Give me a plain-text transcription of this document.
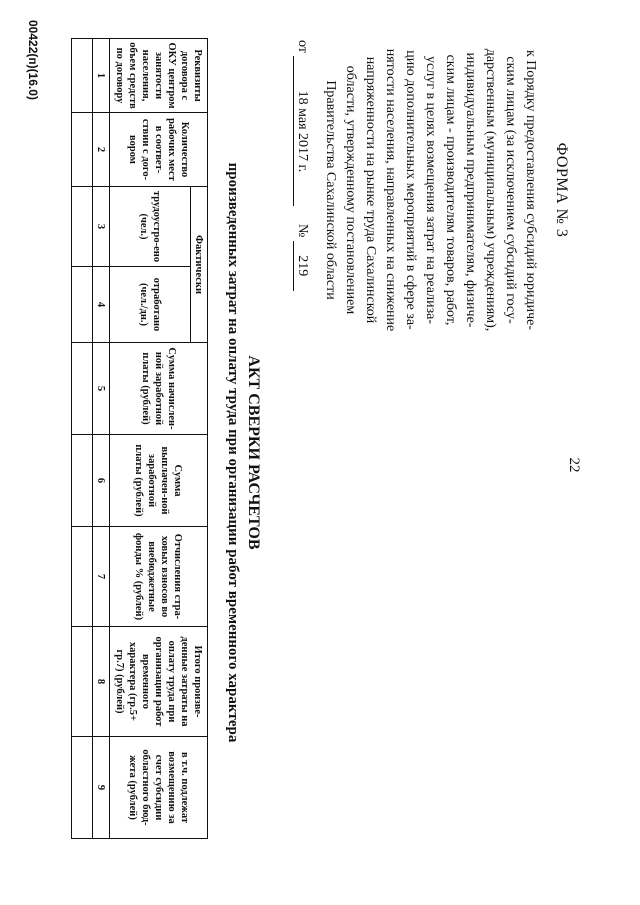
22
ФОРМА № 3

к Порядку предоставления субсидий юридиче-

ским лицам (за исключением субсидий госу-

дарственным (муниципальным) учреждениям),

индивидуальным предпринимателям, физиче-

ским лицам - производителям товаров, работ,

услуг в целях возмещения затрат на реализа-

цию дополнительных мероприятий в сфере за-

нятости населения, направленных на снижение

напряженности на рынке труда Сахалинской

области, утвержденному постановлением

Правительства Сахалинской области

от 18 мая 2017 г.     № 219
АКТ СВЕРКИ РАСЧЕТОВ
произведенных затрат на оплату труда при организации работ временного характера
Реквизиты договора с ОКУ центром занятости населения, объем средств по договору	Количество рабочих мест в соответ-ствии с дого-вором	Фактически		Сумма начислен-ной заработной платы (рублей)	Сумма выплачен-ной заработной платы (рублей)	Отчисления стра-ховых взносов во внебюджетные фонды % (рублей)	Итого произве-денные затраты на оплату труда при организации работ временного характера (гр.5+ гр.7) (рублей)	в т.ч. подлежат возмещению за счет субсидии областного бюд-жета (рублей)
		трудоустро-ено (чел.)	отработано (чел./дн.)					
1	2	3	4	5	6	7	8	9

00422(п)(16.0)
